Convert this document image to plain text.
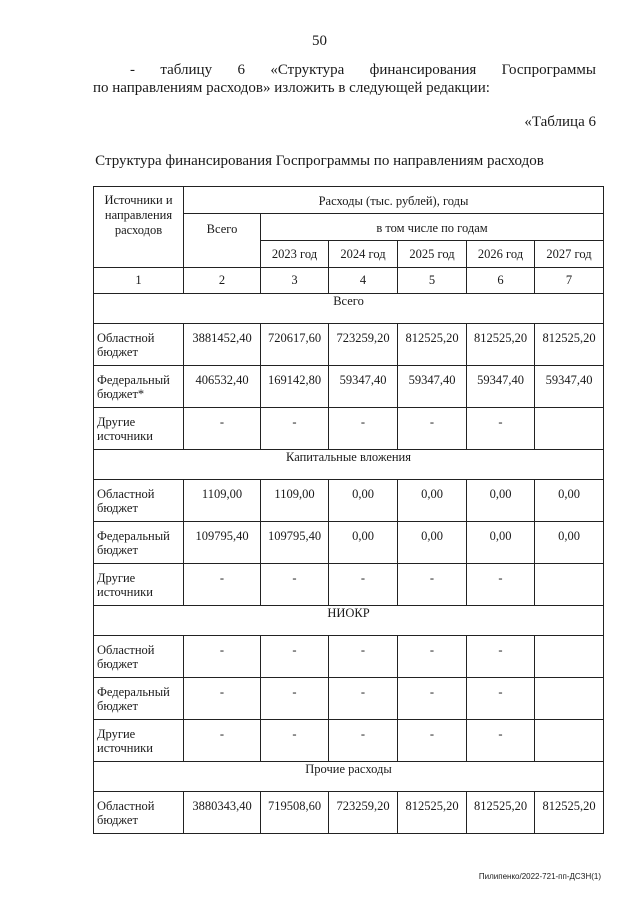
50
- таблицу 6 «Структура финансирования Госпрограммы
по направлениям расходов» изложить в следующей редакции:
«Таблица 6
Структура финансирования Госпрограммы по направлениям расходов
Источники и направления расходов	Расходы (тыс. рублей), годы					
	Всего	в том числе по годам				
		2023 год	2024 год	2025 год	2026 год	2027 год
1	2	3	4	5	6	7
Всего						
Областной бюджет	3881452,40	720617,60	723259,20	812525,20	812525,20	812525,20
Федеральный бюджет*	406532,40	169142,80	59347,40	59347,40	59347,40	59347,40
Другие источники	-	-	-	-	-	
Капитальные вложения						
Областной бюджет	1109,00	1109,00	0,00	0,00	0,00	0,00
Федеральный бюджет	109795,40	109795,40	0,00	0,00	0,00	0,00
Другие источники	-	-	-	-	-	
НИОКР						
Областной бюджет	-	-	-	-	-	
Федеральный бюджет	-	-	-	-	-	
Другие источники	-	-	-	-	-	
Прочие расходы						
Областной бюджет	3880343,40	719508,60	723259,20	812525,20	812525,20	812525,20
Пилипенко/2022-721-пп-ДСЗН(1)
